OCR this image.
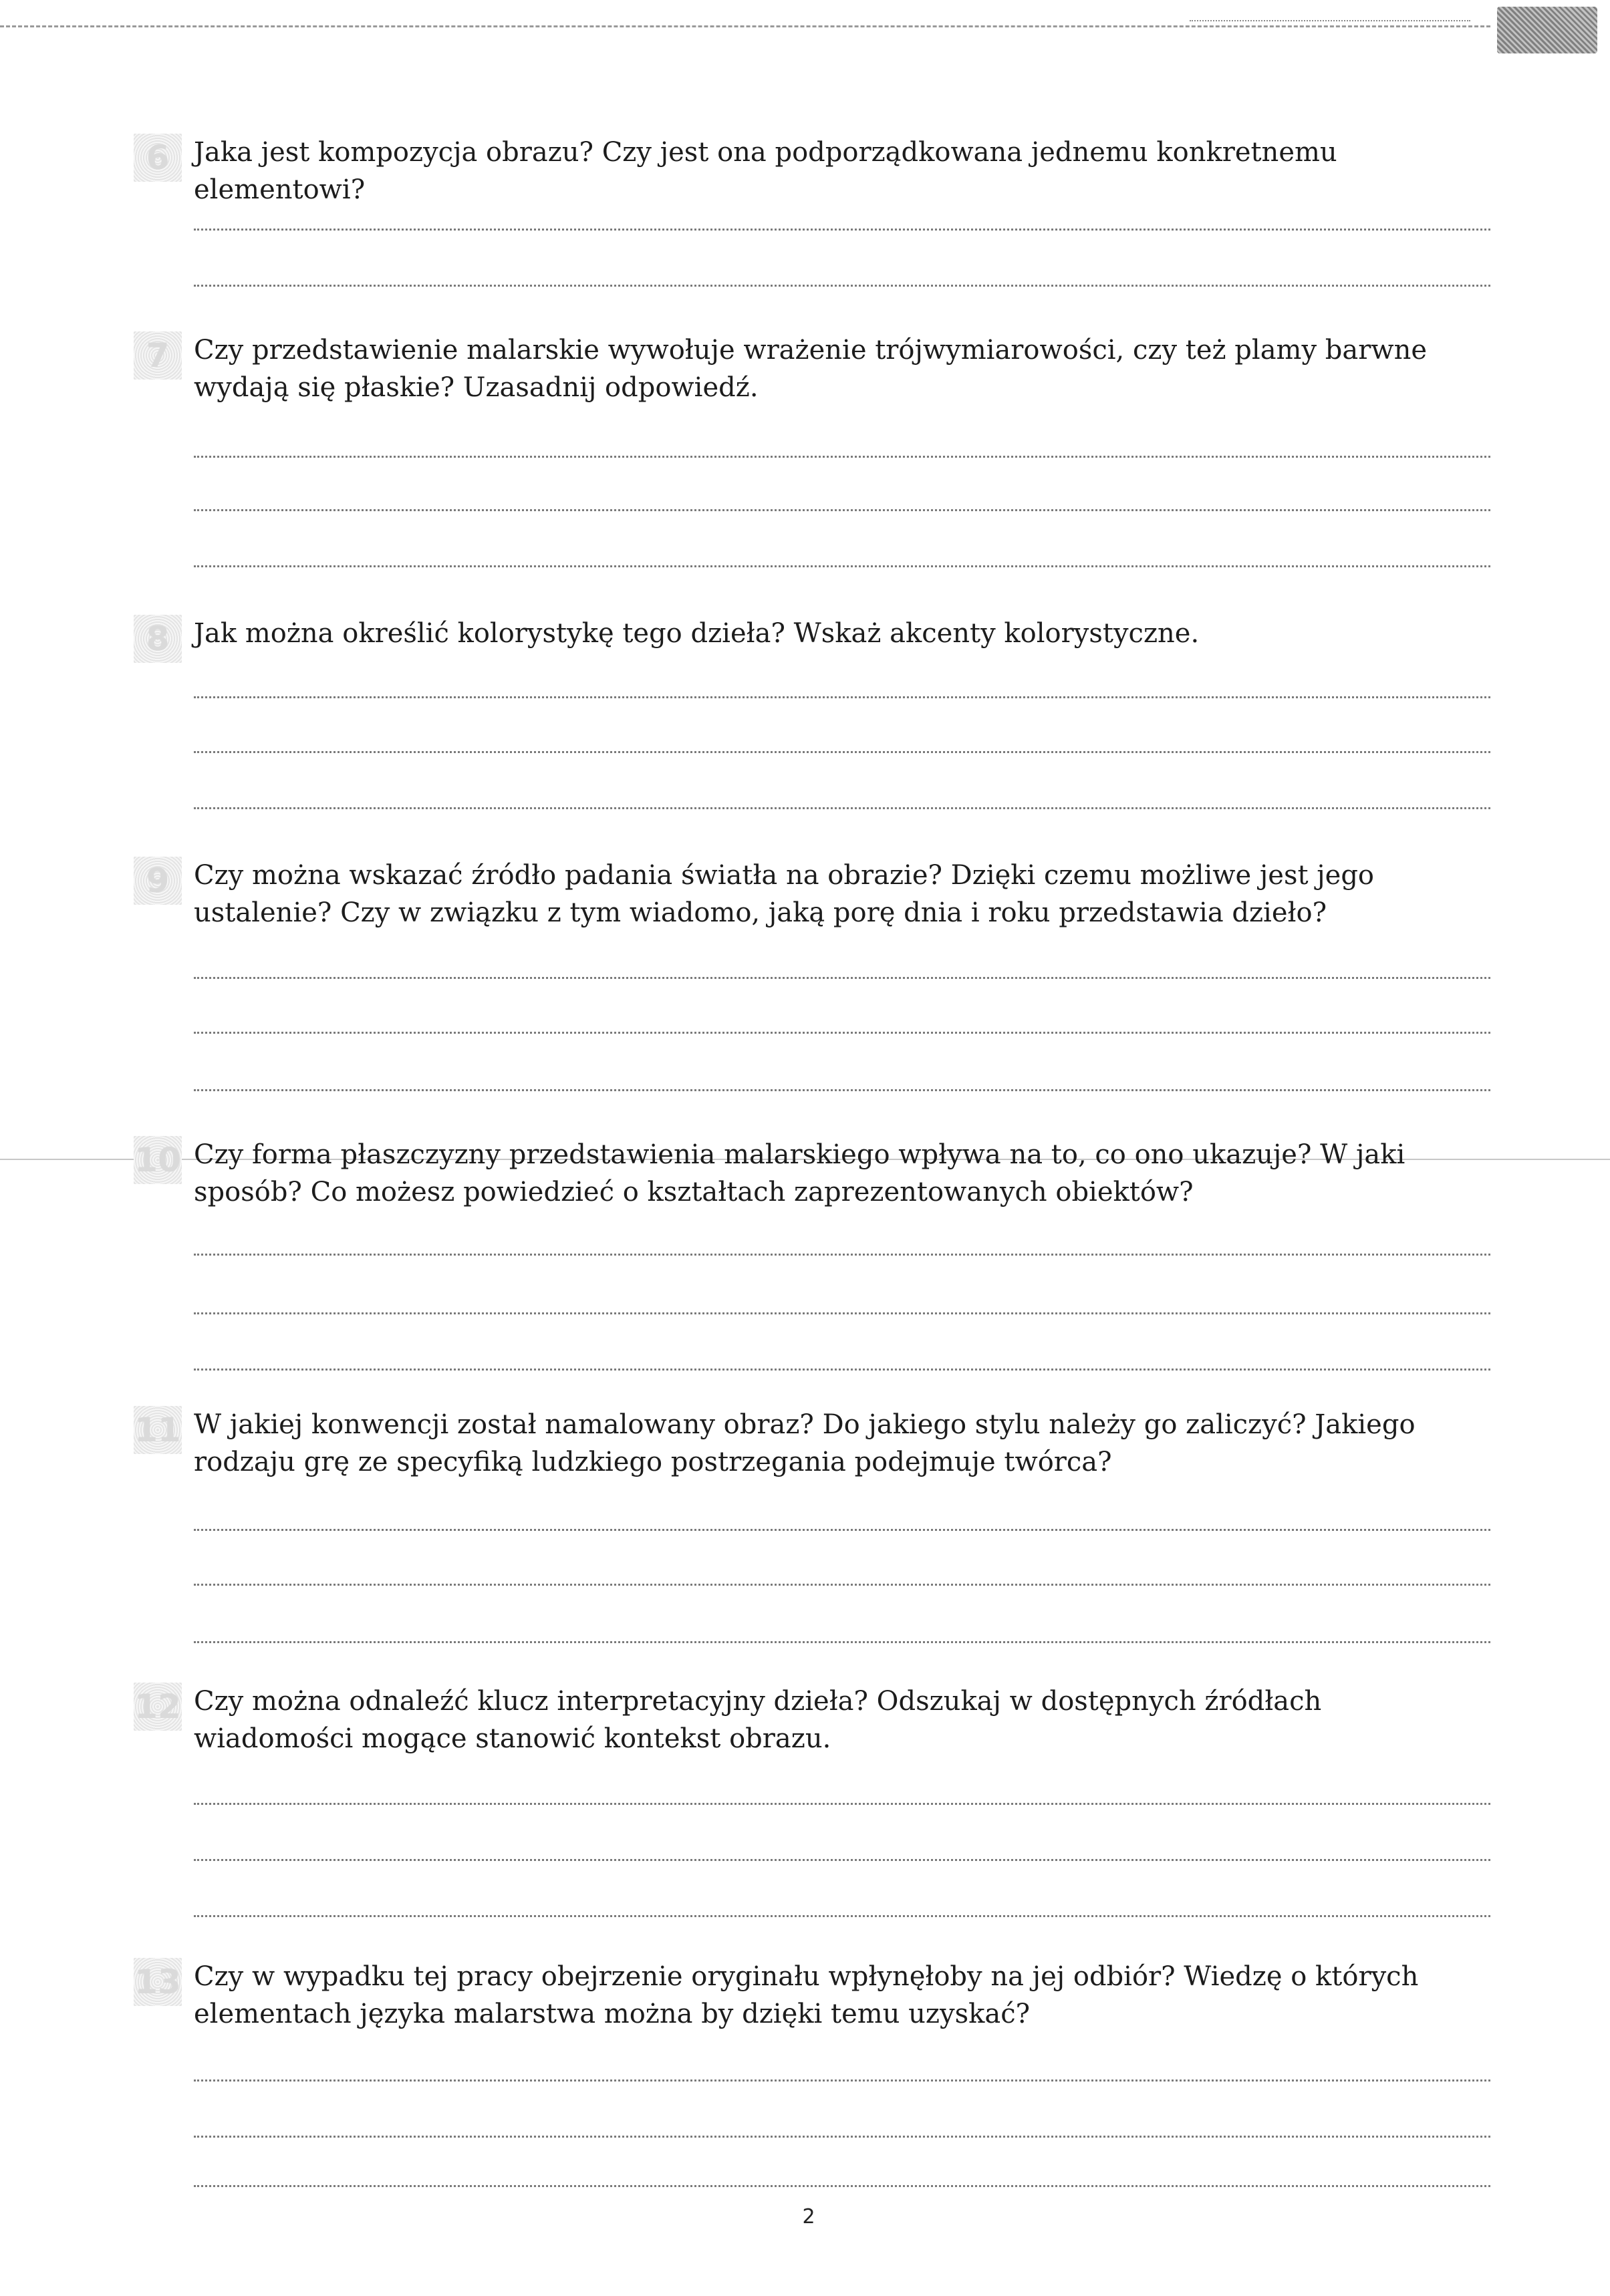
6 Jaka jest kompozycja obrazu? Czy jest ona podporządkowana jednemu konkretnemu elementowi?
7 Czy przedstawienie malarskie wywołuje wrażenie trójwymiarowości, czy też plamy barwne wydają się płaskie? Uzasadnij odpowiedź.
8 Jak można określić kolorystykę tego dzieła? Wskaż akcenty kolorystyczne.
9 Czy można wskazać źródło padania światła na obrazie? Dzięki czemu możliwe jest jego ustalenie? Czy w związku z tym wiadomo, jaką porę dnia i roku przedstawia dzieło?
10 Czy forma płaszczyzny przedstawienia malarskiego wpływa na to, co ono ukazuje? W jaki sposób? Co możesz powiedzieć o kształtach zaprezentowanych obiektów?
11 W jakiej konwencji został namalowany obraz? Do jakiego stylu należy go zaliczyć? Jakiego rodzaju grę ze specyfiką ludzkiego postrzegania podejmuje twórca?
12 Czy można odnaleźć klucz interpretacyjny dzieła? Odszukaj w dostępnych źródłach wiadomości mogące stanowić kontekst obrazu.
13 Czy w wypadku tej pracy obejrzenie oryginału wpłynęłoby na jej odbiór? Wiedzę o których elementach języka malarstwa można by dzięki temu uzyskać?
2
